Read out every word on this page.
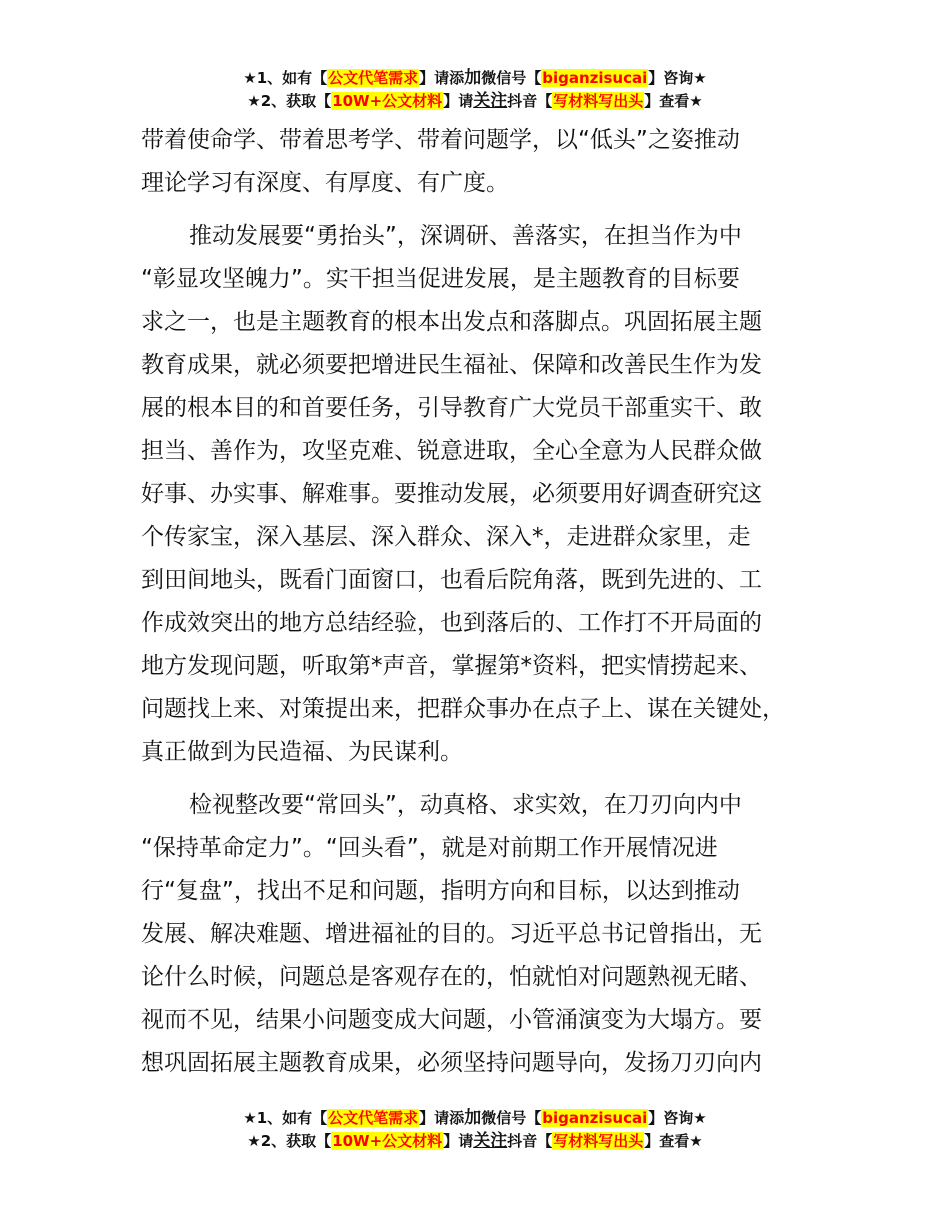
★1、如有【公文代笔需求】请添加微信号【biganzisucai】咨询★
★2、获取【10W+公文材料】请关注抖音【写材料写出头】查看★

带着使命学、带着思考学、带着问题学，以“低头”之姿推动
理论学习有深度、有厚度、有广度。

推动发展要“勇抬头”，深调研、善落实，在担当作为中
“彰显攻坚魄力”。实干担当促进发展，是主题教育的目标要
求之一，也是主题教育的根本出发点和落脚点。巩固拓展主题
教育成果，就必须要把增进民生福祉、保障和改善民生作为发
展的根本目的和首要任务，引导教育广大党员干部重实干、敢
担当、善作为，攻坚克难、锐意进取，全心全意为人民群众做
好事、办实事、解难事。要推动发展，必须要用好调查研究这
个传家宝，深入基层、深入群众、深入*，走进群众家里，走
到田间地头，既看门面窗口，也看后院角落，既到先进的、工
作成效突出的地方总结经验，也到落后的、工作打不开局面的
地方发现问题，听取第*声音，掌握第*资料，把实情捞起来、
问题找上来、对策提出来，把群众事办在点子上、谋在关键处，
真正做到为民造福、为民谋利。

检视整改要“常回头”，动真格、求实效，在刀刃向内中
“保持革命定力”。“回头看”，就是对前期工作开展情况进
行“复盘”，找出不足和问题，指明方向和目标，以达到推动
发展、解决难题、增进福祉的目的。习近平总书记曾指出，无
论什么时候，问题总是客观存在的，怕就怕对问题熟视无睹、
视而不见，结果小问题变成大问题，小管涌演变为大塌方。要
想巩固拓展主题教育成果，必须坚持问题导向，发扬刀刃向内

★1、如有【公文代笔需求】请添加微信号【biganzisucai】咨询★
★2、获取【10W+公文材料】请关注抖音【写材料写出头】查看★
